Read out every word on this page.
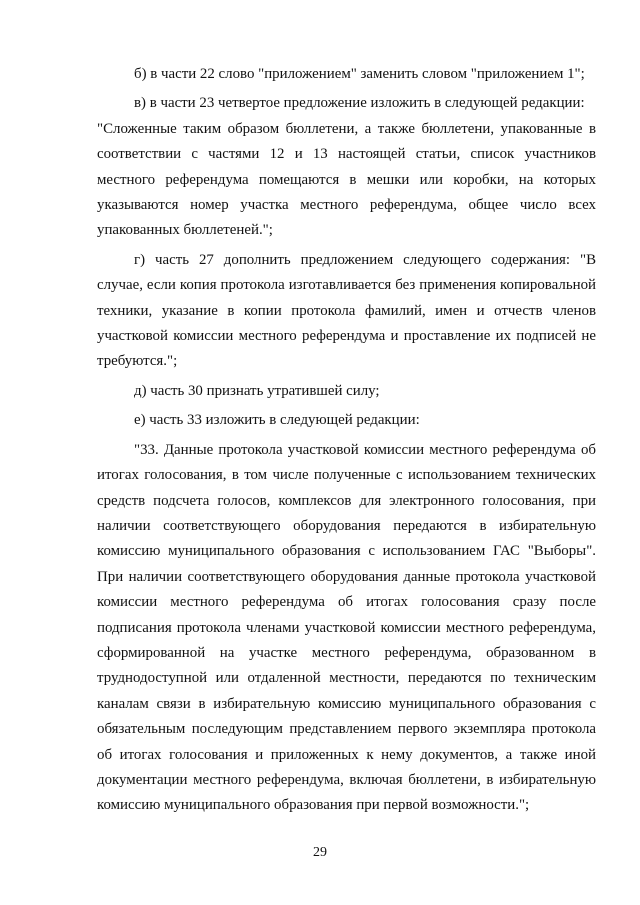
б) в части 22 слово "приложением" заменить словом "приложением 1";

в) в части 23 четвертое предложение изложить в следующей редакции:

"Сложенные таким образом бюллетени, а также бюллетени, упакованные в соответствии с частями 12 и 13 настоящей статьи, список участников местного референдума помещаются в мешки или коробки, на которых указываются номер участка местного референдума, общее число всех упакованных бюллетеней.";

г) часть 27 дополнить предложением следующего содержания: "В случае, если копия протокола изготавливается без применения копировальной техники, указание в копии протокола фамилий, имен и отчеств членов участковой комиссии местного референдума и проставление их подписей не требуются.";

д) часть 30 признать утратившей силу;

е) часть 33 изложить в следующей редакции:

"33. Данные протокола участковой комиссии местного референдума об итогах голосования, в том числе полученные с использованием технических средств подсчета голосов, комплексов для электронного голосования, при наличии соответствующего оборудования передаются в избирательную комиссию муниципального образования с использованием ГАС "Выборы". При наличии соответствующего оборудования данные протокола участковой комиссии местного референдума об итогах голосования сразу после подписания протокола членами участковой комиссии местного референдума, сформированной на участке местного референдума, образованном в труднодоступной или отдаленной местности, передаются по техническим каналам связи в избирательную комиссию муниципального образования с обязательным последующим представлением первого экземпляра протокола об итогах голосования и приложенных к нему документов, а также иной документации местного референдума, включая бюллетени, в избирательную комиссию муниципального образования при первой возможности.";

29
